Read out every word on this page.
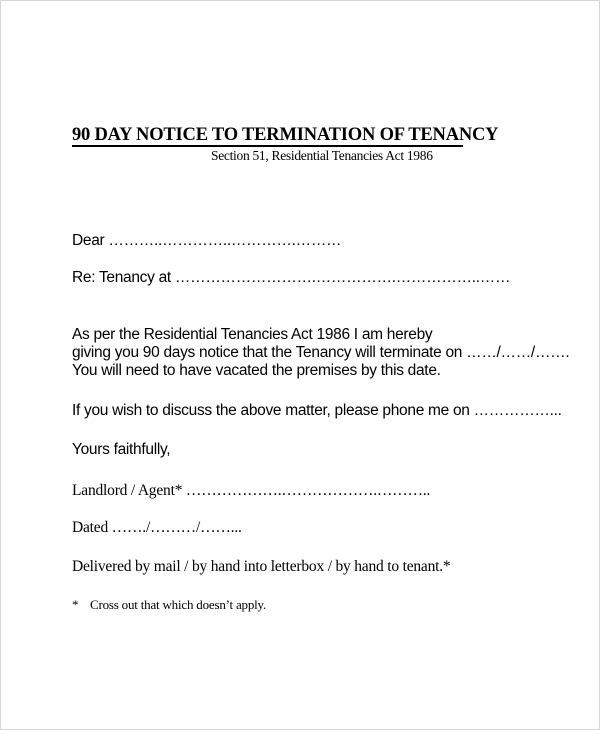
90 DAY NOTICE TO TERMINATION OF TENANCY
Section 51, Residential Tenancies Act 1986
Dear ………..…………..………….………
Re: Tenancy at ……………………….…………….……………..……
As per the Residential Tenancies Act 1986 I am hereby
giving you 90 days notice that the Tenancy will terminate on ……/……/…….
You will need to have vacated the premises by this date.
If you wish to discuss the above matter, please phone me on ……………...
Yours faithfully,
Landlord / Agent* ……………….……………….………..
Dated ……./………/……...
Delivered by mail / by hand into letterbox / by hand to tenant.*
* Cross out that which doesn’t apply.
